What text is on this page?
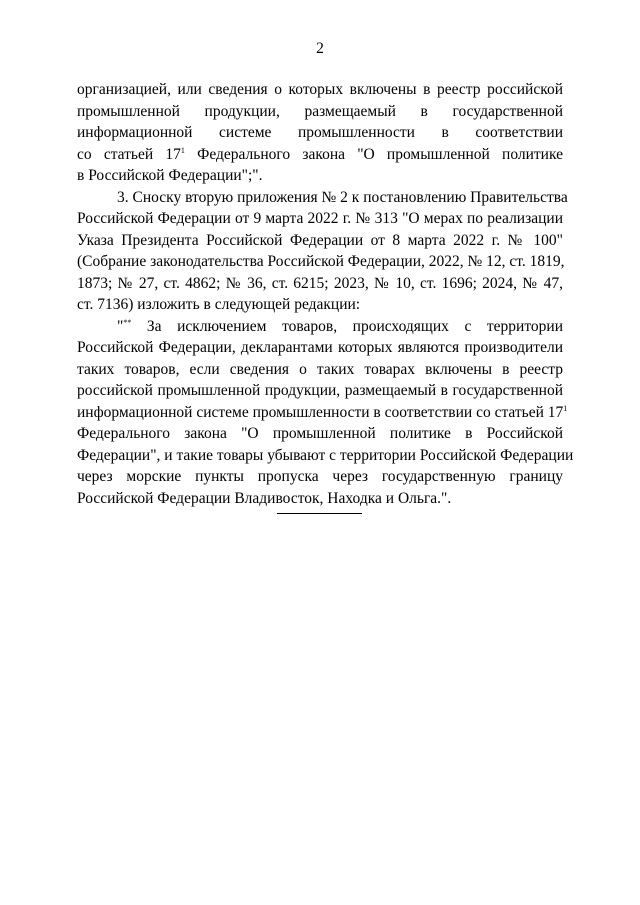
2
организацией, или сведения о которых включены в реестр российской
промышленной продукции, размещаемый в государственной
информационной системе промышленности в соответствии
со статьей $17^1$ Федерального закона "О промышленной политике
в Российской Федерации";".
3. Сноску вторую приложения № 2 к постановлению Правительства
Российской Федерации от 9 марта 2022 г. № 313 "О мерах по реализации
Указа Президента Российской Федерации от 8 марта 2022 г. № 100"
(Собрание законодательства Российской Федерации, 2022, № 12, ст. 1819,
1873; № 27, ст. 4862; № 36, ст. 6215; 2023, № 10, ст. 1696; 2024, № 47,
ст. 7136) изложить в следующей редакции:
"** За исключением товаров, происходящих с территории
Российской Федерации, декларантами которых являются производители
таких товаров, если сведения о таких товарах включены в реестр
российской промышленной продукции, размещаемый в государственной
информационной системе промышленности в соответствии со статьей $17^1$
Федерального закона "О промышленной политике в Российской
Федерации", и такие товары убывают с территории Российской Федерации
через морские пункты пропуска через государственную границу
Российской Федерации Владивосток, Находка и Ольга.".
